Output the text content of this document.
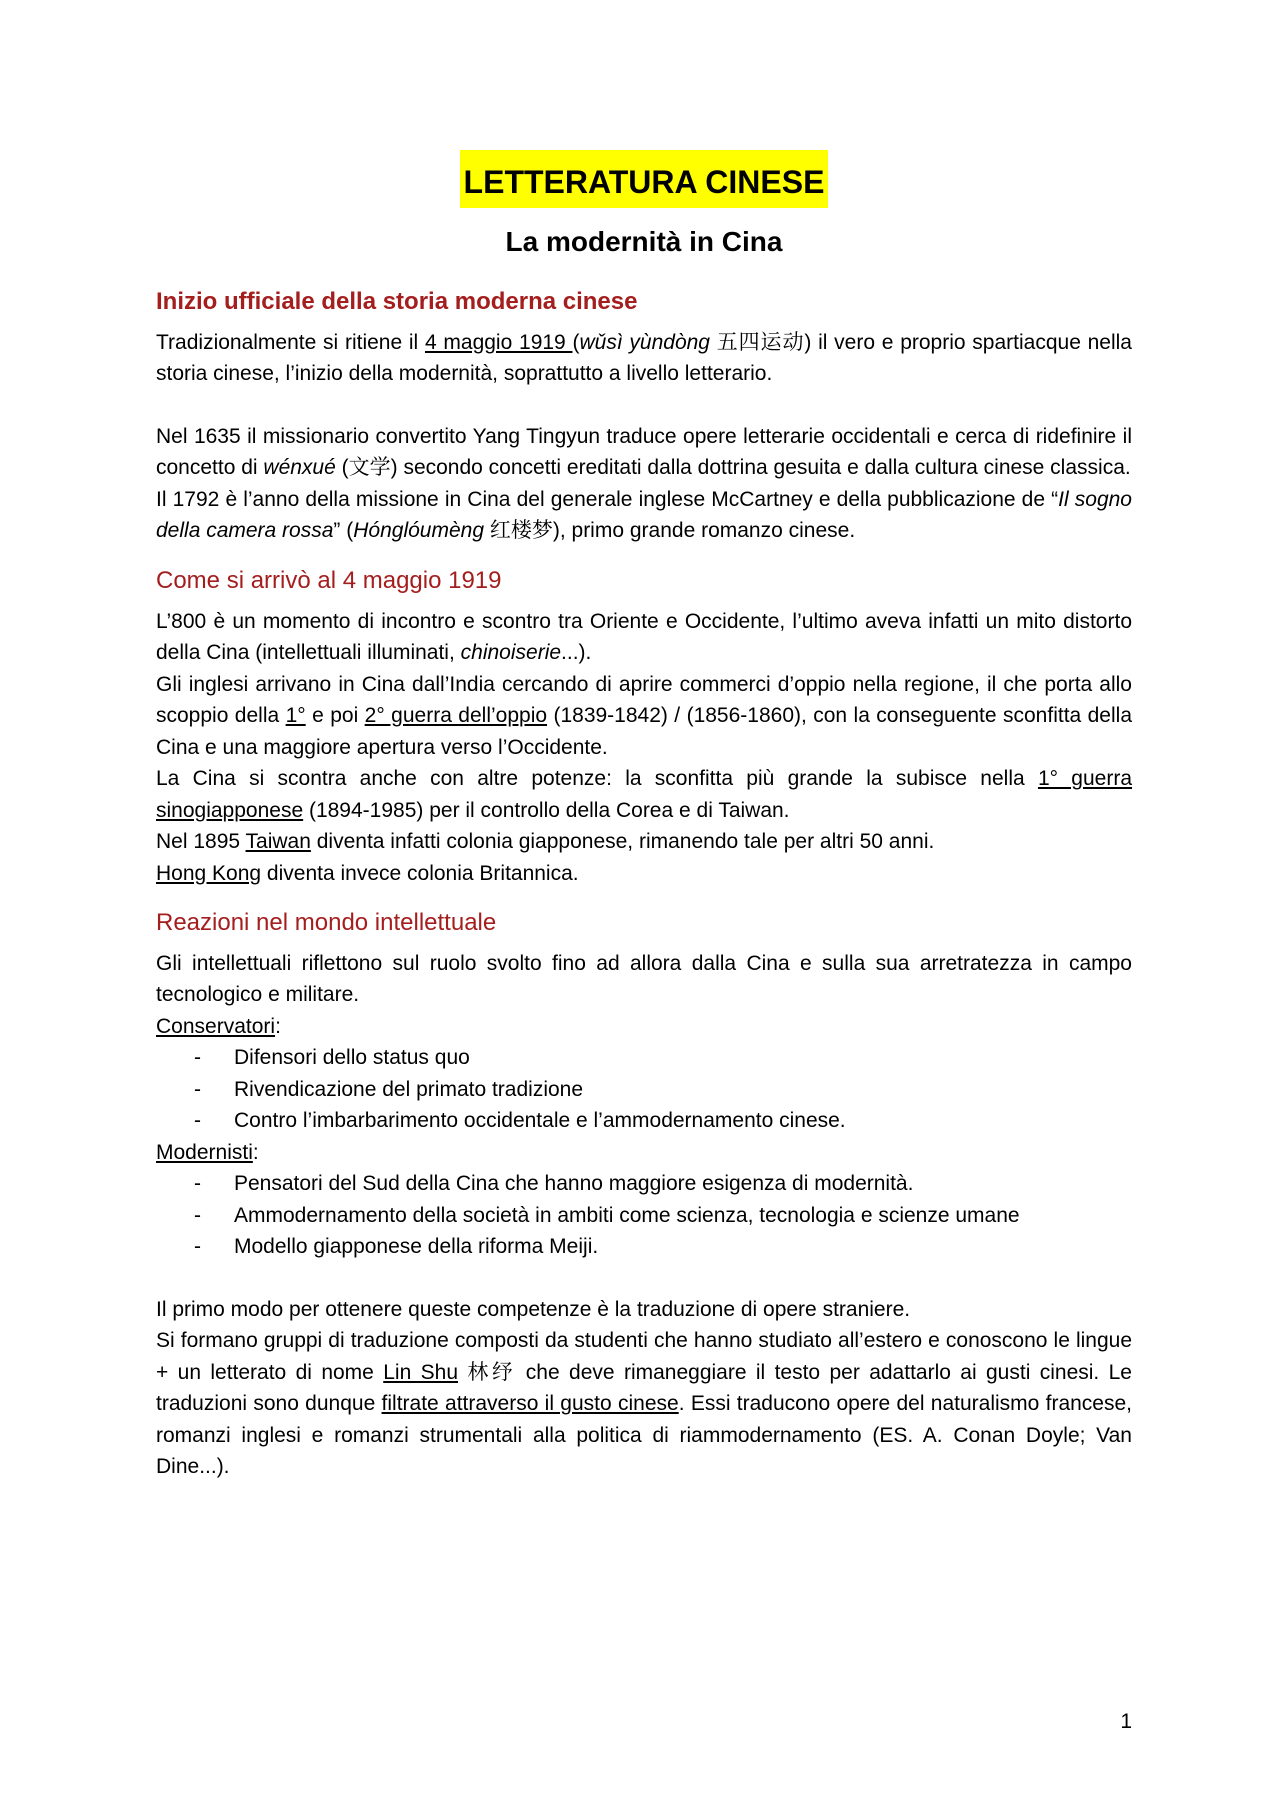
LETTERATURA CINESE
La modernità in Cina
Inizio ufficiale della storia moderna cinese

Tradizionalmente si ritiene il 4 maggio 1919 (wǔsì yùndòng 五四运动) il vero e proprio spartiacque nella storia cinese, l’inizio della modernità, soprattutto a livello letterario.

Nel 1635 il missionario convertito Yang Tingyun traduce opere letterarie occidentali e cerca di ridefinire il concetto di wénxué (文学) secondo concetti ereditati dalla dottrina gesuita e dalla cultura cinese classica.

Il 1792 è l’anno della missione in Cina del generale inglese McCartney e della pubblicazione de “Il sogno della camera rossa” (Hónglóumèng 红楼梦), primo grande romanzo cinese.

Come si arrivò al 4 maggio 1919

L’800 è un momento di incontro e scontro tra Oriente e Occidente, l’ultimo aveva infatti un mito distorto della Cina (intellettuali illuminati, chinoiserie...).

Gli inglesi arrivano in Cina dall’India cercando di aprire commerci d’oppio nella regione, il che porta allo scoppio della 1° e poi 2° guerra dell’oppio (1839-1842) / (1856-1860), con la conseguente sconfitta della Cina e una maggiore apertura verso l’Occidente.

La Cina si scontra anche con altre potenze: la sconfitta più grande la subisce nella 1° guerra sinogiapponese (1894-1985) per il controllo della Corea e di Taiwan.

Nel 1895 Taiwan diventa infatti colonia giapponese, rimanendo tale per altri 50 anni.

Hong Kong diventa invece colonia Britannica.

Reazioni nel mondo intellettuale

Gli intellettuali riflettono sul ruolo svolto fino ad allora dalla Cina e sulla sua arretratezza in campo tecnologico e militare.

Conservatori:

- Difensori dello status quo
- Rivendicazione del primato tradizione
- Contro l’imbarbarimento occidentale e l’ammodernamento cinese.

Modernisti:

- Pensatori del Sud della Cina che hanno maggiore esigenza di modernità.
- Ammodernamento della società in ambiti come scienza, tecnologia e scienze umane
- Modello giapponese della riforma Meiji.

Il primo modo per ottenere queste competenze è la traduzione di opere straniere.

Si formano gruppi di traduzione composti da studenti che hanno studiato all’estero e conoscono le lingue + un letterato di nome Lin Shu 林纾 che deve rimaneggiare il testo per adattarlo ai gusti cinesi. Le traduzioni sono dunque filtrate attraverso il gusto cinese. Essi traducono opere del naturalismo francese, romanzi inglesi e romanzi strumentali alla politica di riammodernamento (ES. A. Conan Doyle; Van Dine...).

1
